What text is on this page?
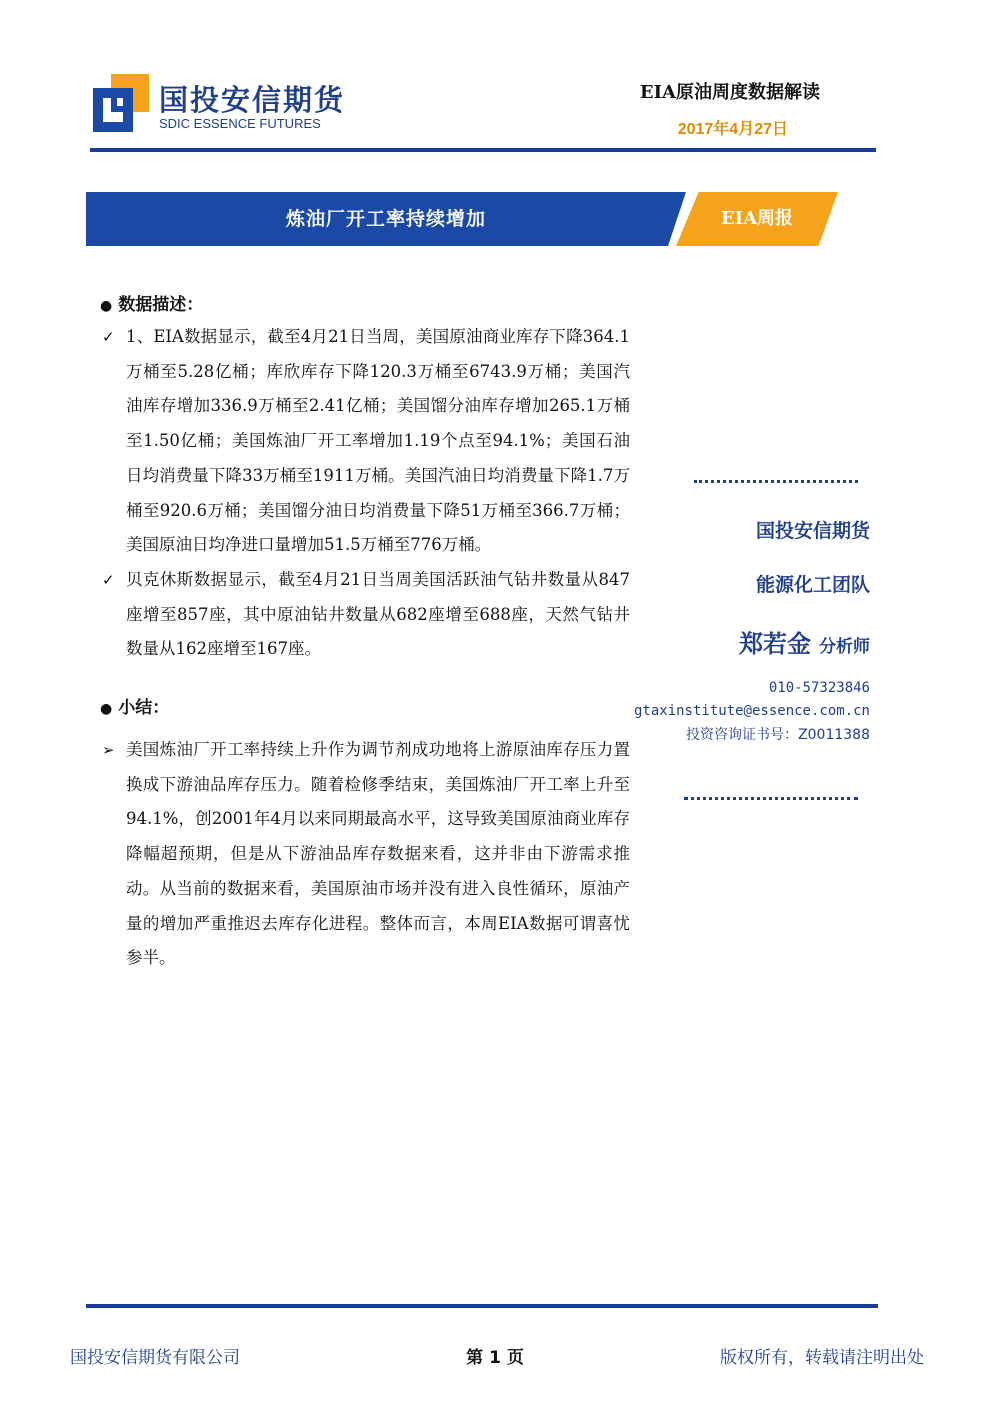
国投安信期货
SDIC ESSENCE FUTURES
EIA原油周度数据解读
2017年4月27日
炼油厂开工率持续增加	EIA周报
● 数据描述：
✓ 1、EIA数据显示，截至4月21日当周，美国原油商业库存下降364.1万桶至5.28亿桶；库欣库存下降120.3万桶至6743.9万桶；美国汽油库存增加336.9万桶至2.41亿桶；美国馏分油库存增加265.1万桶至1.50亿桶；美国炼油厂开工率增加1.19个点至94.1%；美国石油日均消费量下降33万桶至1911万桶。美国汽油日均消费量下降1.7万桶至920.6万桶；美国馏分油日均消费量下降51万桶至366.7万桶；美国原油日均净进口量增加51.5万桶至776万桶。
✓ 贝克休斯数据显示，截至4月21日当周美国活跃油气钻井数量从847座增至857座，其中原油钻井数量从682座增至688座，天然气钻井数量从162座增至167座。
● 小结：
➢ 美国炼油厂开工率持续上升作为调节剂成功地将上游原油库存压力置换成下游油品库存压力。随着检修季结束，美国炼油厂开工率上升至94.1%，创2001年4月以来同期最高水平，这导致美国原油商业库存降幅超预期，但是从下游油品库存数据来看，这并非由下游需求推动。从当前的数据来看，美国原油市场并没有进入良性循环，原油产量的增加严重推迟去库存化进程。整体而言，本周EIA数据可谓喜忧参半。
国投安信期货
能源化工团队
郑若金 分析师
010-57323846
gtaxinstitute@essence.com.cn
投资咨询证书号：Z0011388
国投安信期货有限公司	第 1 页	版权所有，转载请注明出处
